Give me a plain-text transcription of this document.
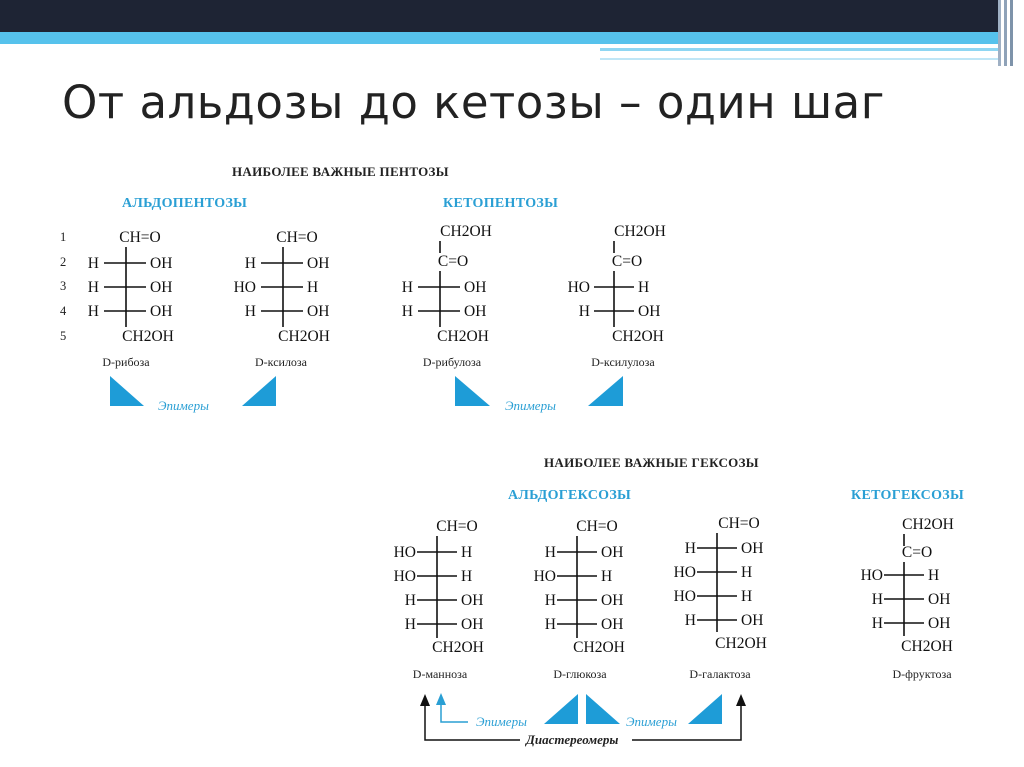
От альдозы до кетозы – один шаг
НАИБОЛЕЕ ВАЖНЫЕ ПЕНТОЗЫ
АЛЬДОПЕНТОЗЫ	КЕТОПЕНТОЗЫ
1
2
3
4
5
CH=O
H	OH
H	OH
H	OH
CH2OH
D-рибоза
CH=O
H	OH
HO	H
H	OH
CH2OH
D-ксилоза
CH2OH
C=O
H	OH
H	OH
CH2OH
D-рибулоза
CH2OH
C=O
HO	H
H	OH
CH2OH
D-ксилулоза
Эпимеры	Эпимеры
НАИБОЛЕЕ ВАЖНЫЕ ГЕКСОЗЫ
АЛЬДОГЕКСОЗЫ	КЕТОГЕКСОЗЫ
CH=O
HO	H
HO	H
H	OH
H	OH
CH2OH
D-манноза
CH=O
H	OH
HO	H
H	OH
H	OH
CH2OH
D-глюкоза
CH=O
H	OH
HO	H
HO	H
H	OH
CH2OH
D-галактоза
CH2OH
C=O
HO	H
H	OH
H	OH
CH2OH
D-фруктоза
Диастереомеры
Эпимеры	Эпимеры
